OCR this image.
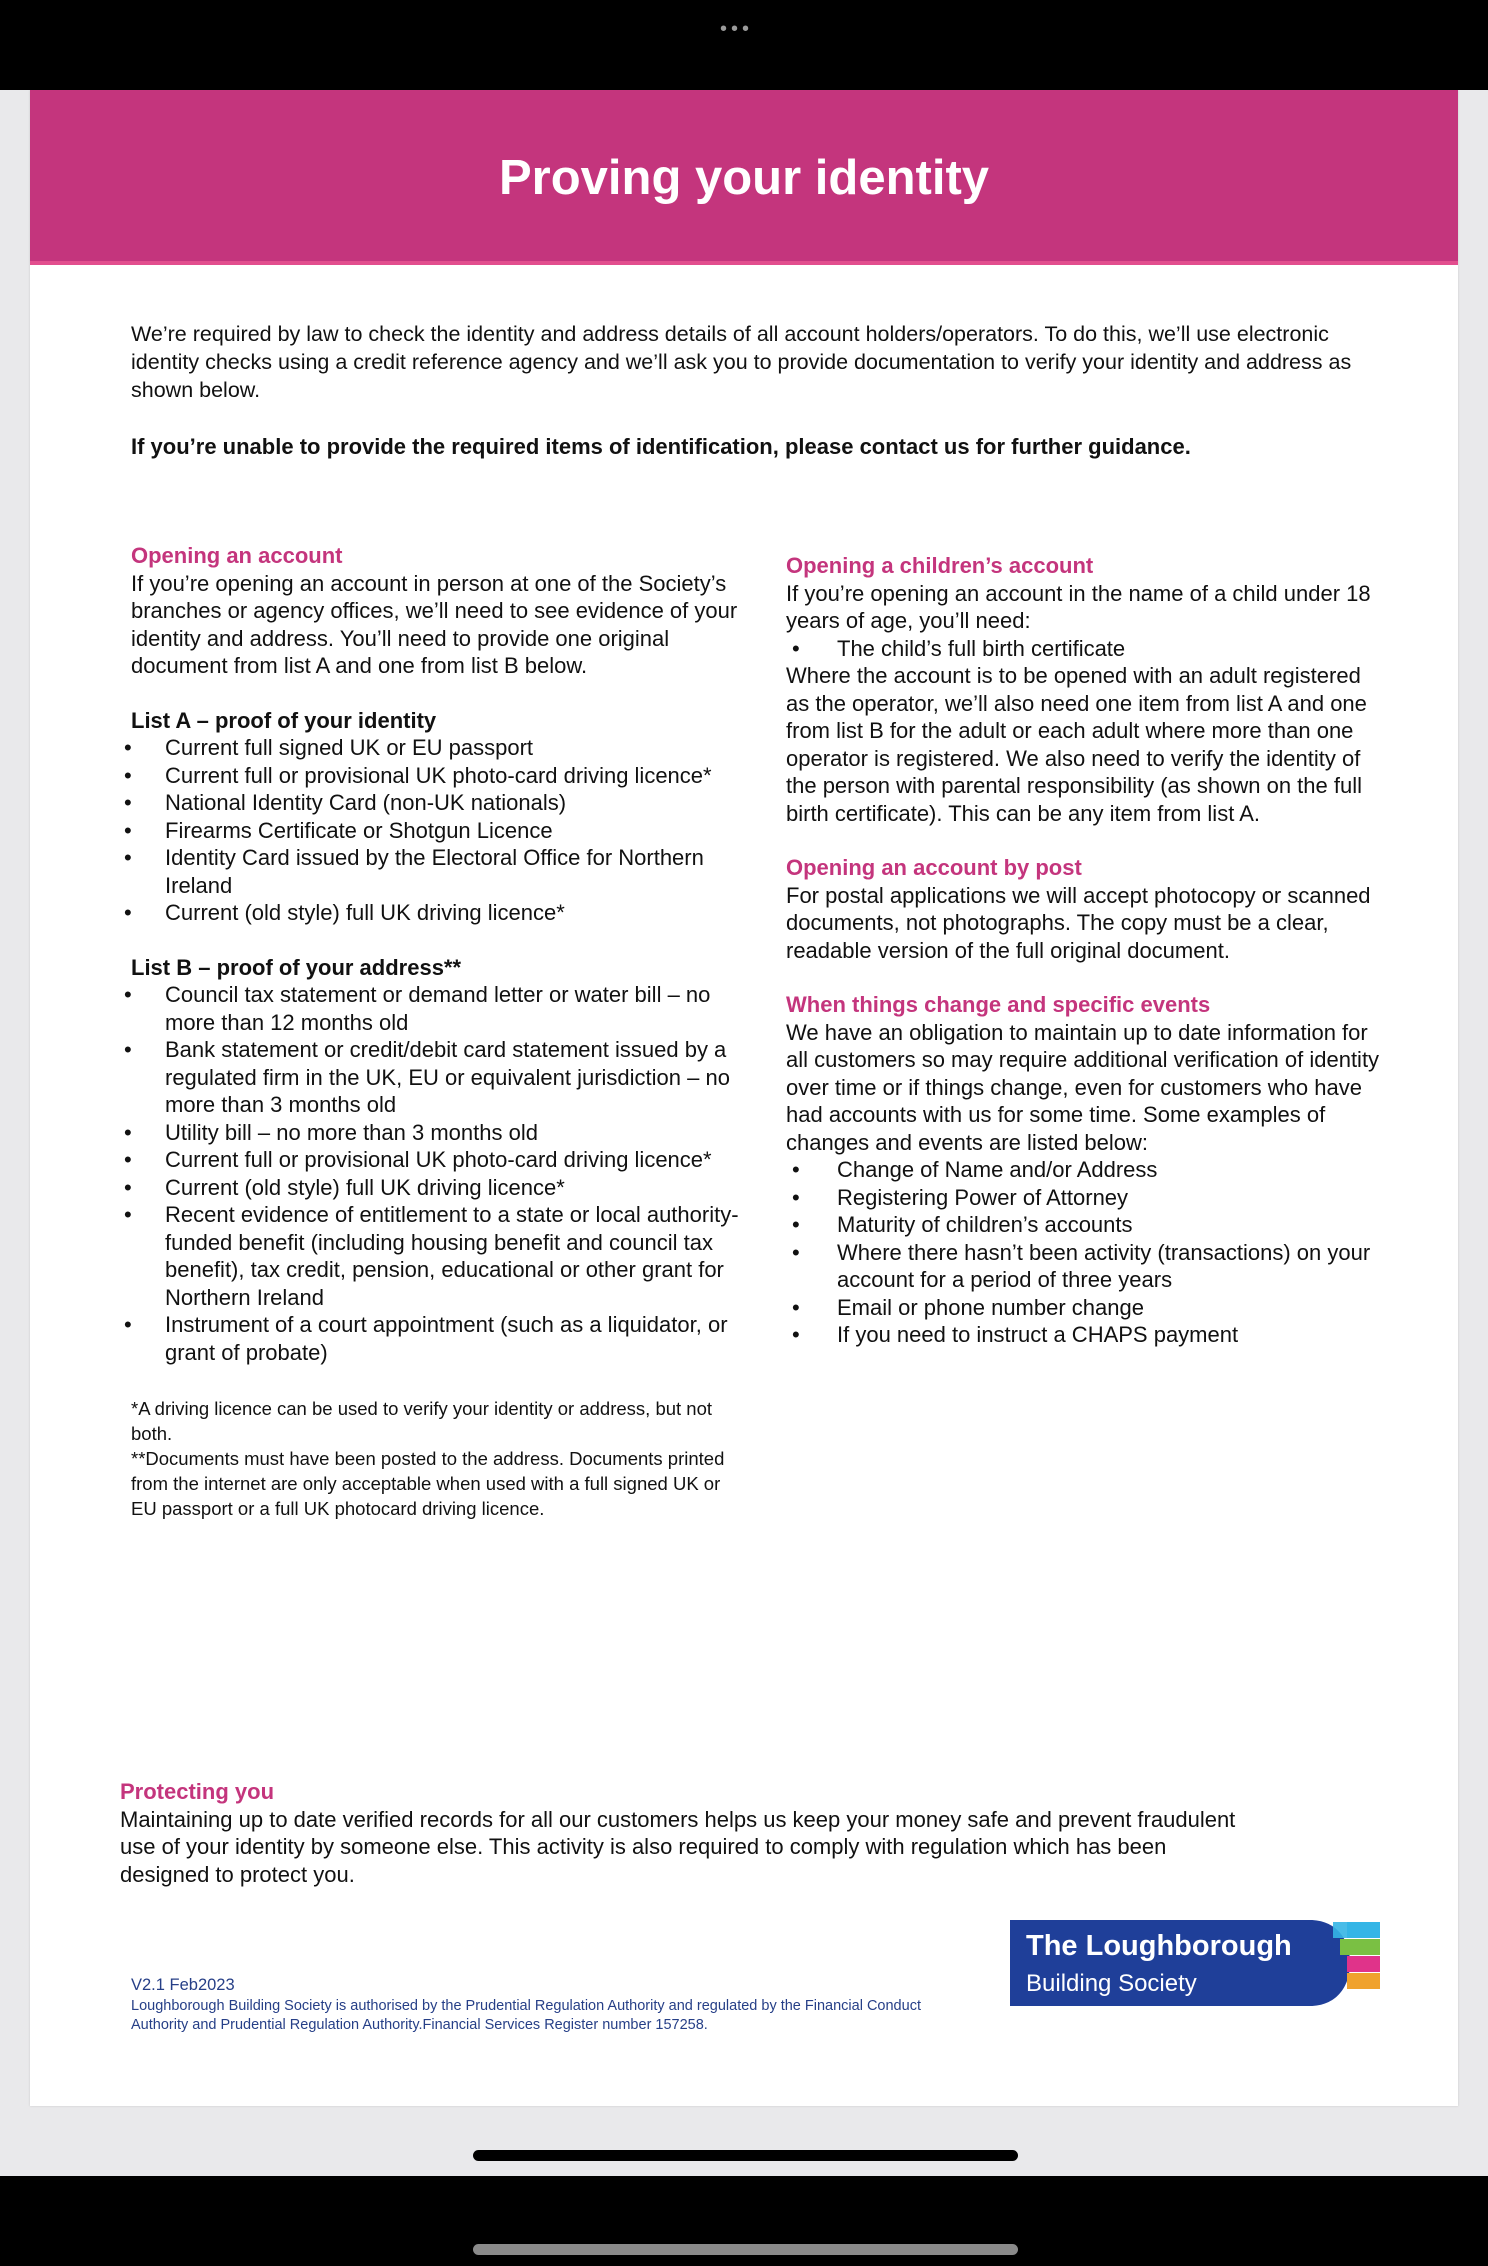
•••
Proving your identity

We’re required by law to check the identity and address details of all account holders/operators. To do this, we’ll use electronic identity checks using a credit reference agency and we’ll ask you to provide documentation to verify your identity and address as shown below.

If you’re unable to provide the required items of identification, please contact us for further guidance.

Opening an account

If you’re opening an account in person at one of the Society’s branches or agency offices, we’ll need to see evidence of your identity and address. You’ll need to provide one original document from list A and one from list B below.

List A – proof of your identity

• Current full signed UK or EU passport
• Current full or provisional UK photo-card driving licence*
• National Identity Card (non-UK nationals)
• Firearms Certificate or Shotgun Licence
• Identity Card issued by the Electoral Office for Northern Ireland
• Current (old style) full UK driving licence*

List B – proof of your address**

• Council tax statement or demand letter or water bill – no more than 12 months old
• Bank statement or credit/debit card statement issued by a regulated firm in the UK, EU or equivalent jurisdiction – no more than 3 months old
• Utility bill – no more than 3 months old
• Current full or provisional UK photo-card driving licence*
• Current (old style) full UK driving licence*
• Recent evidence of entitlement to a state or local authority-funded benefit (including housing benefit and council tax benefit), tax credit, pension, educational or other grant for Northern Ireland
• Instrument of a court appointment (such as a liquidator, or grant of probate)

*A driving licence can be used to verify your identity or address, but not both.

**Documents must have been posted to the address. Documents printed from the internet are only acceptable when used with a full signed UK or EU passport or a full UK photocard driving licence.

Opening a children’s account

If you’re opening an account in the name of a child under 18 years of age, you’ll need:

• The child’s full birth certificate

Where the account is to be opened with an adult registered as the operator, we’ll also need one item from list A and one from list B for the adult or each adult where more than one operator is registered. We also need to verify the identity of the person with parental responsibility (as shown on the full birth certificate). This can be any item from list A.

Opening an account by post

For postal applications we will accept photocopy or scanned documents, not photographs. The copy must be a clear, readable version of the full original document.

When things change and specific events

We have an obligation to maintain up to date information for all customers so may require additional verification of identity over time or if things change, even for customers who have had accounts with us for some time. Some examples of changes and events are listed below:

• Change of Name and/or Address
• Registering Power of Attorney
• Maturity of children’s accounts
• Where there hasn’t been activity (transactions) on your account for a period of three years
• Email or phone number change
• If you need to instruct a CHAPS payment

Protecting you

Maintaining up to date verified records for all our customers helps us keep your money safe and prevent fraudulent use of your identity by someone else. This activity is also required to comply with regulation which has been designed to protect you.

V2.1 Feb2023

Loughborough Building Society is authorised by the Prudential Regulation Authority and regulated by the Financial Conduct Authority and Prudential Regulation Authority.Financial Services Register number 157258.

The Loughborough
Building Society
